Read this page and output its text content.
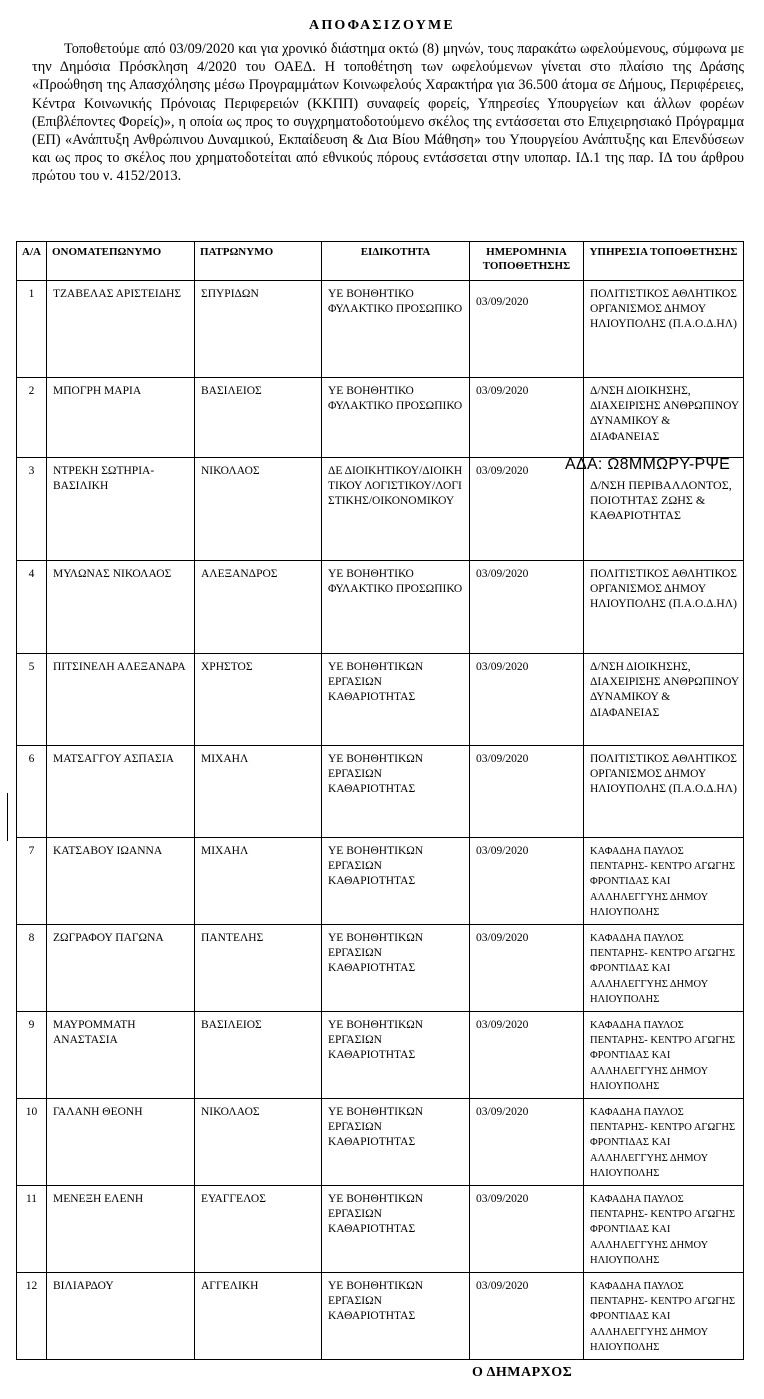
ΑΠΟΦΑΣΙΖΟΥΜΕ
Τοποθετούμε από 03/09/2020 και για χρονικό διάστημα οκτώ (8) μηνών, τους παρακάτω ωφελούμενους, σύμφωνα με την Δημόσια Πρόσκληση 4/2020 του ΟΑΕΔ. Η τοποθέτηση των ωφελούμενων γίνεται στο πλαίσιο της Δράσης «Προώθηση της Απασχόλησης μέσω Προγραμμάτων Κοινωφελούς Χαρακτήρα για 36.500 άτομα σε Δήμους, Περιφέρειες, Κέντρα Κοινωνικής Πρόνοιας Περιφερειών (ΚΚΠΠ) συναφείς φορείς, Υπηρεσίες Υπουργείων και άλλων φορέων (Επιβλέποντες Φορείς)», η οποία ως προς το συγχρηματοδοτούμενο σκέλος της εντάσσεται στο Επιχειρησιακό Πρόγραμμα (ΕΠ) «Ανάπτυξη Ανθρώπινου Δυναμικού, Εκπαίδευση & Δια Βίου Μάθηση» του Υπουργείου Ανάπτυξης και Επενδύσεων και ως προς το σκέλος που χρηματοδοτείται από εθνικούς πόρους εντάσσεται στην υποπαρ. ΙΔ.1 της παρ. ΙΔ του άρθρου πρώτου του ν. 4152/2013.
Α/Α	ΟΝΟΜΑΤΕΠΩΝΥΜΟ	ΠΑΤΡΩΝΥΜΟ	ΕΙΔΙΚΟΤΗΤΑ	ΗΜΕΡΟΜΗΝΙΑ ΤΟΠΟΘΕΤΗΣΗΣ	ΥΠΗΡΕΣΙΑ ΤΟΠΟΘΕΤΗΣΗΣ

1	ΤΖΑΒΕΛΑΣ ΑΡΙΣΤΕΙΔΗΣ	ΣΠΥΡΙΔΩΝ	ΥΕ ΒΟΗΘΗΤΙΚΟ ΦΥΛΑΚΤΙΚΟ ΠΡΟΣΩΠΙΚΟ	03/09/2020	ΠΟΛΙΤΙΣΤΙΚΟΣ ΑΘΛΗΤΙΚΟΣ ΟΡΓΑΝΙΣΜΟΣ ΔΗΜΟΥ ΗΛΙΟΥΠΟΛΗΣ (Π.Α.Ο.Δ.ΗΛ)

2	ΜΠΟΓΡΗ ΜΑΡΙΑ	ΒΑΣΙΛΕΙΟΣ	ΥΕ ΒΟΗΘΗΤΙΚΟ ΦΥΛΑΚΤΙΚΟ ΠΡΟΣΩΠΙΚΟ	03/09/2020	Δ/ΝΣΗ ΔΙΟΙΚΗΣΗΣ, ΔΙΑΧΕΙΡΙΣΗΣ ΑΝΘΡΩΠΙΝΟΥ ΔΥΝΑΜΙΚΟΥ & ΔΙΑΦΑΝΕΙΑΣ

3	ΝΤΡΕΚΗ ΣΩΤΗΡΙΑ-ΒΑΣΙΛΙΚΗ	ΝΙΚΟΛΑΟΣ	ΔΕ ΔΙΟΙΚΗΤΙΚΟΥ/ΔΙΟΙΚΗΤΙΚΟΥ ΛΟΓΙΣΤΙΚΟΥ/ΛΟΓΙΣΤΙΚΗΣ/ΟΙΚΟΝΟΜΙΚΟΥ	03/09/2020	Δ/ΝΣΗ ΠΕΡΙΒΑΛΛΟΝΤΟΣ, ΠΟΙΟΤΗΤΑΣ ΖΩΗΣ & ΚΑΘΑΡΙΟΤΗΤΑΣ

4	ΜΥΛΩΝΑΣ ΝΙΚΟΛΑΟΣ	ΑΛΕΞΑΝΔΡΟΣ	ΥΕ ΒΟΗΘΗΤΙΚΟ ΦΥΛΑΚΤΙΚΟ ΠΡΟΣΩΠΙΚΟ	03/09/2020	ΠΟΛΙΤΙΣΤΙΚΟΣ ΑΘΛΗΤΙΚΟΣ ΟΡΓΑΝΙΣΜΟΣ ΔΗΜΟΥ ΗΛΙΟΥΠΟΛΗΣ (Π.Α.Ο.Δ.ΗΛ)

5	ΠΙΤΣΙΝΕΛΗ ΑΛΕΞΑΝΔΡΑ	ΧΡΗΣΤΟΣ	ΥΕ ΒΟΗΘΗΤΙΚΩΝ ΕΡΓΑΣΙΩΝ ΚΑΘΑΡΙΟΤΗΤΑΣ	03/09/2020	Δ/ΝΣΗ ΔΙΟΙΚΗΣΗΣ, ΔΙΑΧΕΙΡΙΣΗΣ ΑΝΘΡΩΠΙΝΟΥ ΔΥΝΑΜΙΚΟΥ & ΔΙΑΦΑΝΕΙΑΣ

6	ΜΑΤΣΑΓΓΟΥ ΑΣΠΑΣΙΑ	ΜΙΧΑΗΛ	ΥΕ ΒΟΗΘΗΤΙΚΩΝ ΕΡΓΑΣΙΩΝ ΚΑΘΑΡΙΟΤΗΤΑΣ	03/09/2020	ΠΟΛΙΤΙΣΤΙΚΟΣ ΑΘΛΗΤΙΚΟΣ ΟΡΓΑΝΙΣΜΟΣ ΔΗΜΟΥ ΗΛΙΟΥΠΟΛΗΣ (Π.Α.Ο.Δ.ΗΛ)

7	ΚΑΤΣΑΒΟΥ ΙΩΑΝΝΑ	ΜΙΧΑΗΛ	ΥΕ ΒΟΗΘΗΤΙΚΩΝ ΕΡΓΑΣΙΩΝ ΚΑΘΑΡΙΟΤΗΤΑΣ	03/09/2020	ΚΑΦΑΔΗΑ ΠΑΥΛΟΣ ΠΕΝΤΑΡΗΣ- ΚΕΝΤΡΟ ΑΓΩΓΗΣ ΦΡΟΝΤΙΔΑΣ ΚΑΙ ΑΛΛΗΛΕΓΓΥΗΣ ΔΗΜΟΥ ΗΛΙΟΥΠΟΛΗΣ

8	ΖΩΓΡΑΦΟΥ ΠΑΓΩΝΑ	ΠΑΝΤΕΛΗΣ	ΥΕ ΒΟΗΘΗΤΙΚΩΝ ΕΡΓΑΣΙΩΝ ΚΑΘΑΡΙΟΤΗΤΑΣ	03/09/2020	ΚΑΦΑΔΗΑ ΠΑΥΛΟΣ ΠΕΝΤΑΡΗΣ- ΚΕΝΤΡΟ ΑΓΩΓΗΣ ΦΡΟΝΤΙΔΑΣ ΚΑΙ ΑΛΛΗΛΕΓΓΥΗΣ ΔΗΜΟΥ ΗΛΙΟΥΠΟΛΗΣ

9	ΜΑΥΡΟΜΜΑΤΗ ΑΝΑΣΤΑΣΙΑ	ΒΑΣΙΛΕΙΟΣ	ΥΕ ΒΟΗΘΗΤΙΚΩΝ ΕΡΓΑΣΙΩΝ ΚΑΘΑΡΙΟΤΗΤΑΣ	03/09/2020	ΚΑΦΑΔΗΑ ΠΑΥΛΟΣ ΠΕΝΤΑΡΗΣ- ΚΕΝΤΡΟ ΑΓΩΓΗΣ ΦΡΟΝΤΙΔΑΣ ΚΑΙ ΑΛΛΗΛΕΓΓΥΗΣ ΔΗΜΟΥ ΗΛΙΟΥΠΟΛΗΣ

10	ΓΑΛΑΝΗ ΘΕΟΝΗ	ΝΙΚΟΛΑΟΣ	ΥΕ ΒΟΗΘΗΤΙΚΩΝ ΕΡΓΑΣΙΩΝ ΚΑΘΑΡΙΟΤΗΤΑΣ	03/09/2020	ΚΑΦΑΔΗΑ ΠΑΥΛΟΣ ΠΕΝΤΑΡΗΣ- ΚΕΝΤΡΟ ΑΓΩΓΗΣ ΦΡΟΝΤΙΔΑΣ ΚΑΙ ΑΛΛΗΛΕΓΓΥΗΣ ΔΗΜΟΥ ΗΛΙΟΥΠΟΛΗΣ

11	ΜΕΝΕΞΗ ΕΛΕΝΗ	ΕΥΑΓΓΕΛΟΣ	ΥΕ ΒΟΗΘΗΤΙΚΩΝ ΕΡΓΑΣΙΩΝ ΚΑΘΑΡΙΟΤΗΤΑΣ	03/09/2020	ΚΑΦΑΔΗΑ ΠΑΥΛΟΣ ΠΕΝΤΑΡΗΣ- ΚΕΝΤΡΟ ΑΓΩΓΗΣ ΦΡΟΝΤΙΔΑΣ ΚΑΙ ΑΛΛΗΛΕΓΓΥΗΣ ΔΗΜΟΥ ΗΛΙΟΥΠΟΛΗΣ

12	ΒΙΛΙΑΡΔΟΥ	ΑΓΓΕΛΙΚΗ	ΥΕ ΒΟΗΘΗΤΙΚΩΝ ΕΡΓΑΣΙΩΝ ΚΑΘΑΡΙΟΤΗΤΑΣ	03/09/2020	ΚΑΦΑΔΗΑ ΠΑΥΛΟΣ ΠΕΝΤΑΡΗΣ- ΚΕΝΤΡΟ ΑΓΩΓΗΣ ΦΡΟΝΤΙΔΑΣ ΚΑΙ ΑΛΛΗΛΕΓΓΥΗΣ ΔΗΜΟΥ ΗΛΙΟΥΠΟΛΗΣ
ΑΔΑ: Ω8ΜΜΩΡΥ-ΡΨΕ
Ο ΔΗΜΑΡΧΟΣ
